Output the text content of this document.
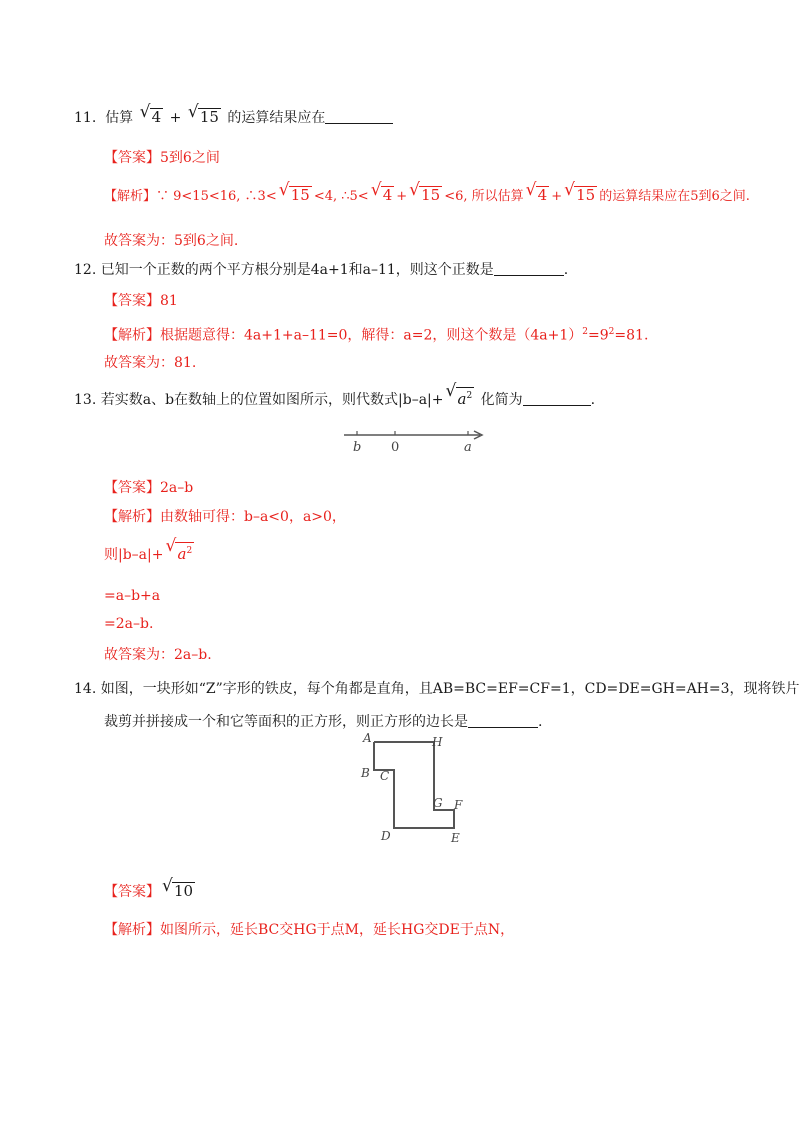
11. 估算 √ 4 + √ 15 的运算结果应在
【答案】5到6之间
【解析】∵ 9<15<16, ∴3< √ 15 <4, ∴5< √ 4 + √ 15 <6, 所以估算 √ 4 + √ 15 的运算结果应在5到6之间.
故答案为：5到6之间.
12. 已知一个正数的两个平方根分别是4a+1和a–11，则这个正数是	.
【答案】81
【解析】根据题意得：4a+1+a–11=0，解得：a=2，则这个数是$(4a+1)^2=9^2=81$.
故答案为：81.
13. 若实数a、b在数轴上的位置如图所示，则代数式|b–a|+ √ $a^2$ 化简为	.
b 0	a
【答案】2a–b
【解析】由数轴可得：b–a<0，a>0，
则|b–a|+ √ $a^2$
=a–b+a
=2a–b.
故答案为：2a–b.
14. 如图，一块形如“Z”字形的铁皮，每个角都是直角，且AB=BC=EF=CF=1，CD=DE=GH=AH=3，现将铁片
裁剪并拼接成一个和它等面积的正方形，则正方形的边长是	.
A	H
B C
G F
D	E
【答案】 √ 10
【解析】如图所示，延长BC交HG于点M，延长HG交DE于点N，
